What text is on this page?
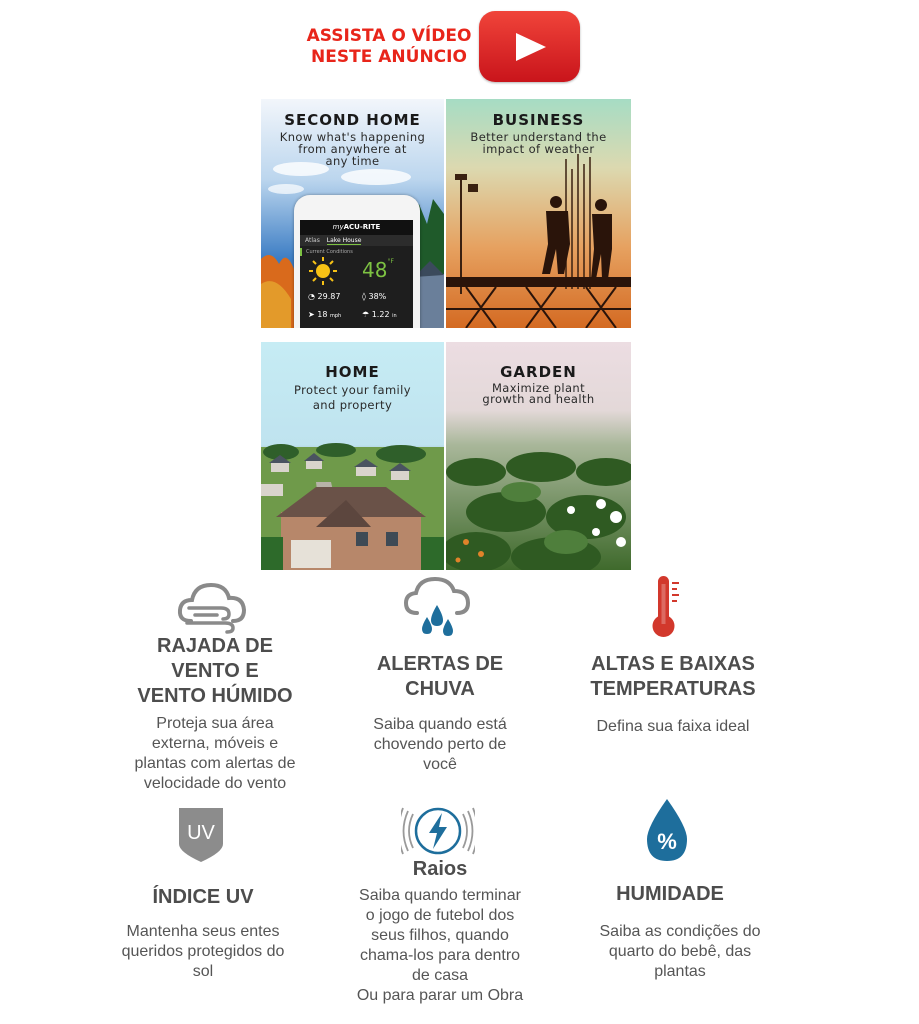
ASSISTA O VÍDEO
NESTE ANÚNCIO
SECOND HOME
Know what's happening
from anywhere at
any time
myACU-RITE
Atlas Lake House
Current Conditions
$48^{^\circ F}$
◔ 29.87	◊ 38%
➤ 18 mph	☂ 1.22 in
BUSINESS
Better understand the
impact of weather
HOME
Protect your family
and property
GARDEN
Maximize plant
growth and health
RAJADA DE
VENTO E
VENTO HÚMIDO
Proteja sua área
externa, móveis e
plantas com alertas de
velocidade do vento
ALERTAS DE
CHUVA
Saiba quando está
chovendo perto de
você
ALTAS E BAIXAS
TEMPERATURAS
Defina sua faixa ideal
UV
ÍNDICE UV
Mantenha seus entes
queridos protegidos do
sol
Raios
Saiba quando terminar
o jogo de futebol dos
seus filhos, quando
chama-los para dentro
de casa
Ou para parar um Obra
%
HUMIDADE
Saiba as condições do
quarto do bebê, das
plantas
